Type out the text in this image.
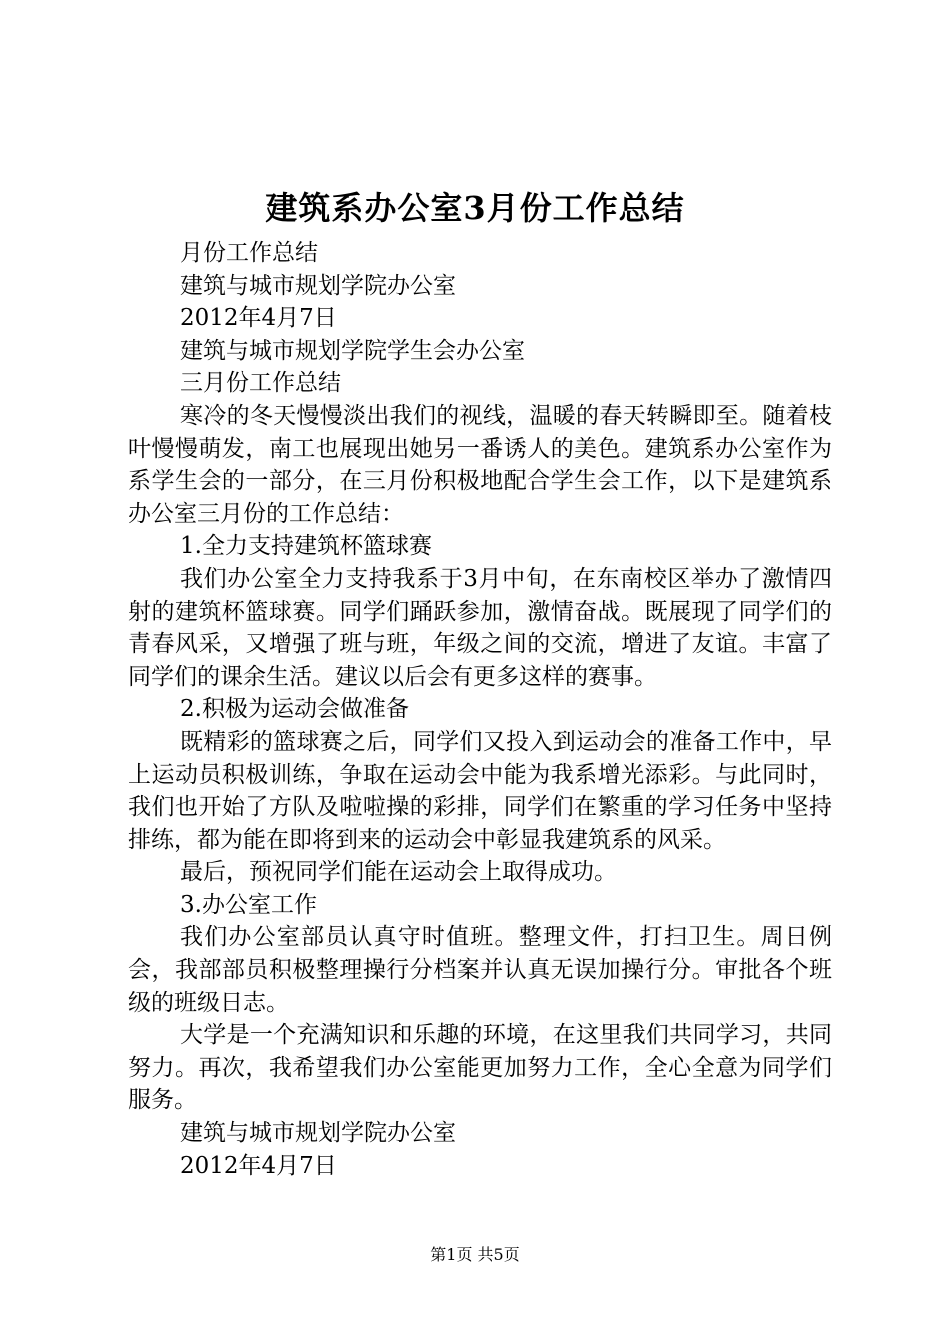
建筑系办公室3月份工作总结
月份工作总结
建筑与城市规划学院办公室
2012年4月7日
建筑与城市规划学院学生会办公室
三月份工作总结

寒冷的冬天慢慢淡出我们的视线，温暖的春天转瞬即至。随着枝叶慢慢萌发，南工也展现出她另一番诱人的美色。建筑系办公室作为系学生会的一部分，在三月份积极地配合学生会工作，以下是建筑系办公室三月份的工作总结：

1.全力支持建筑杯篮球赛

我们办公室全力支持我系于3月中旬，在东南校区举办了激情四射的建筑杯篮球赛。同学们踊跃参加，激情奋战。既展现了同学们的青春风采，又增强了班与班，年级之间的交流，增进了友谊。丰富了同学们的课余生活。建议以后会有更多这样的赛事。

2.积极为运动会做准备

既精彩的篮球赛之后，同学们又投入到运动会的准备工作中，早上运动员积极训练，争取在运动会中能为我系增光添彩。与此同时，我们也开始了方队及啦啦操的彩排，同学们在繁重的学习任务中坚持排练，都为能在即将到来的运动会中彰显我建筑系的风采。

最后，预祝同学们能在运动会上取得成功。

3.办公室工作

我们办公室部员认真守时值班。整理文件，打扫卫生。周日例会，我部部员积极整理操行分档案并认真无误加操行分。审批各个班级的班级日志。

大学是一个充满知识和乐趣的环境，在这里我们共同学习，共同努力。再次，我希望我们办公室能更加努力工作，全心全意为同学们服务。

建筑与城市规划学院办公室
2012年4月7日
第1页 共5页
